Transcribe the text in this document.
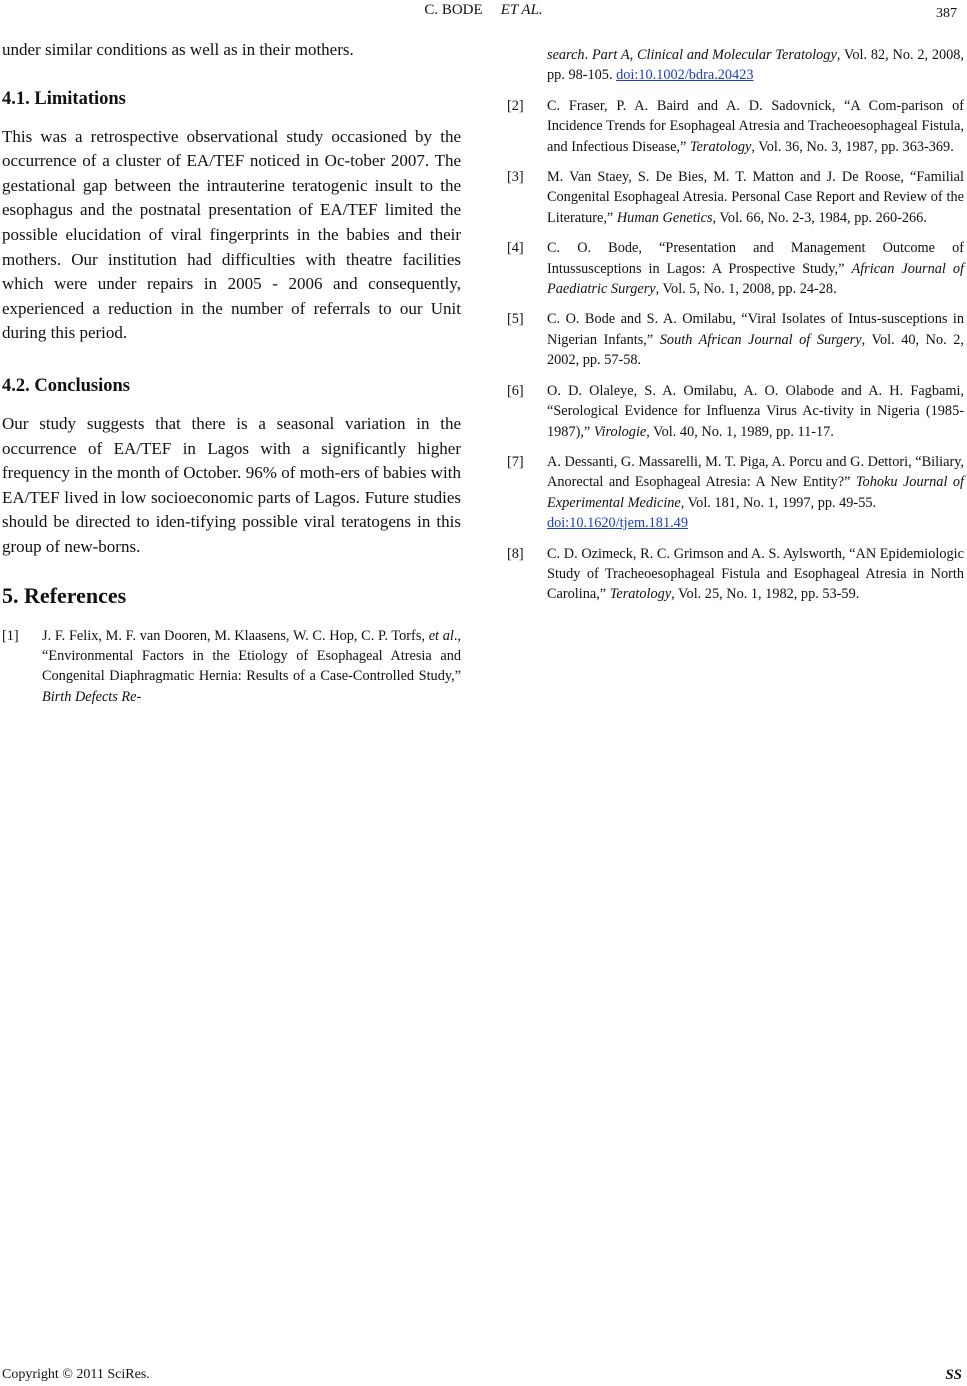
C. BODE ET AL.	387

under similar conditions as well as in their mothers.

4.1. Limitations

This was a retrospective observational study occasioned by the occurrence of a cluster of EA/TEF noticed in Oc-tober 2007. The gestational gap between the intrauterine teratogenic insult to the esophagus and the postnatal presentation of EA/TEF limited the possible elucidation of viral fingerprints in the babies and their mothers. Our institution had difficulties with theatre facilities which were under repairs in 2005 - 2006 and consequently, experienced a reduction in the number of referrals to our Unit during this period.

4.2. Conclusions

Our study suggests that there is a seasonal variation in the occurrence of EA/TEF in Lagos with a significantly higher frequency in the month of October. 96% of moth-ers of babies with EA/TEF lived in low socioeconomic parts of Lagos. Future studies should be directed to iden-tifying possible viral teratogens in this group of new-borns.

5. References
[1] J. F. Felix, M. F. van Dooren, M. Klaasens, W. C. Hop, C. P. Torfs, et al., “Environmental Factors in the Etiology of Esophageal Atresia and Congenital Diaphragmatic Hernia: Results of a Case-Controlled Study,” Birth Defects Re-
search. Part A, Clinical and Molecular Teratology, Vol. 82, No. 2, 2008, pp. 98-105. doi:10.1002/bdra.20423
[2] C. Fraser, P. A. Baird and A. D. Sadovnick, “A Com-parison of Incidence Trends for Esophageal Atresia and Tracheoesophageal Fistula, and Infectious Disease,” Teratology, Vol. 36, No. 3, 1987, pp. 363-369.
[3] M. Van Staey, S. De Bies, M. T. Matton and J. De Roose, “Familial Congenital Esophageal Atresia. Personal Case Report and Review of the Literature,” Human Genetics, Vol. 66, No. 2-3, 1984, pp. 260-266.
[4] C. O. Bode, “Presentation and Management Outcome of Intussusceptions in Lagos: A Prospective Study,” African Journal of Paediatric Surgery, Vol. 5, No. 1, 2008, pp. 24-28.
[5] C. O. Bode and S. A. Omilabu, “Viral Isolates of Intus-susceptions in Nigerian Infants,” South African Journal of Surgery, Vol. 40, No. 2, 2002, pp. 57-58.
[6] O. D. Olaleye, S. A. Omilabu, A. O. Olabode and A. H. Fagbami, “Serological Evidence for Influenza Virus Ac-tivity in Nigeria (1985-1987),” Virologie, Vol. 40, No. 1, 1989, pp. 11-17.
[7] A. Dessanti, G. Massarelli, M. T. Piga, A. Porcu and G. Dettori, “Biliary, Anorectal and Esophageal Atresia: A New Entity?” Tohoku Journal of Experimental Medicine, Vol. 181, No. 1, 1997, pp. 49-55.
doi:10.1620/tjem.181.49
[8] C. D. Ozimeck, R. C. Grimson and A. S. Aylsworth, “AN Epidemiologic Study of Tracheoesophageal Fistula and Esophageal Atresia in North Carolina,” Teratology, Vol. 25, No. 1, 1982, pp. 53-59.
Copyright © 2011 SciRes.	SS
